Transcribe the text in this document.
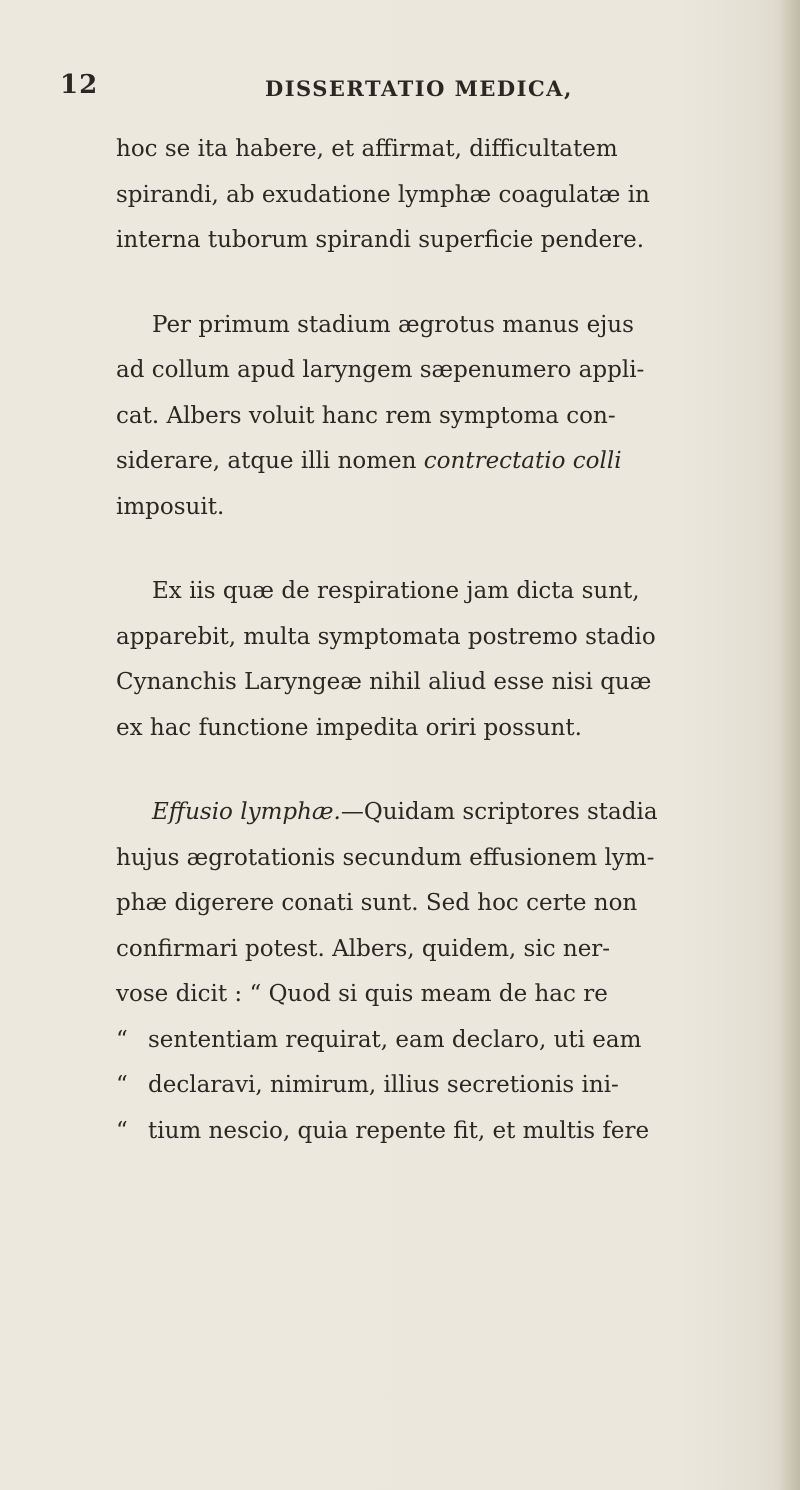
12	DISSERTATIO MEDICA,
hoc se ita habere, et affirmat, difficultatem
spirandi, ab exudatione lymphæ coagulatæ in
interna tuborum spirandi superficie pendere.
Per primum stadium ægrotus manus ejus
ad collum apud laryngem sæpenumero appli-
cat. Albers voluit hanc rem symptoma con-
siderare, atque illi nomen contrectatio colli
imposuit.
Ex iis quæ de respiratione jam dicta sunt,
apparebit, multa symptomata postremo stadio
Cynanchis Laryngeæ nihil aliud esse nisi quæ
ex hac functione impedita oriri possunt.
Effusio lymphæ.—Quidam scriptores stadia
hujus ægrotationis secundum effusionem lym-
phæ digerere conati sunt. Sed hoc certe non
confirmari potest. Albers, quidem, sic ner-
vose dicit : “ Quod si quis meam de hac re
“ sententiam requirat, eam declaro, uti eam
“ declaravi, nimirum, illius secretionis ini-
“ tium nescio, quia repente fit, et multis fere
